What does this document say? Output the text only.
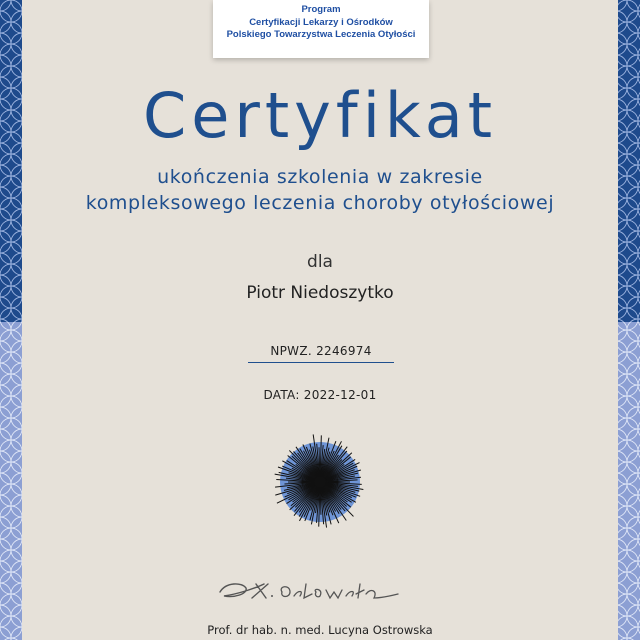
Program
Certyfikacji Lekarzy i Ośrodków
Polskiego Towarzystwa Leczenia Otyłości
Certyfikat
ukończenia szkolenia w zakresie
kompleksowego leczenia choroby otyłościowej
dla
Piotr Niedoszytko
NPWZ. 2246974
DATA: 2022-12-01
Prof. dr hab. n. med. Lucyna Ostrowska
